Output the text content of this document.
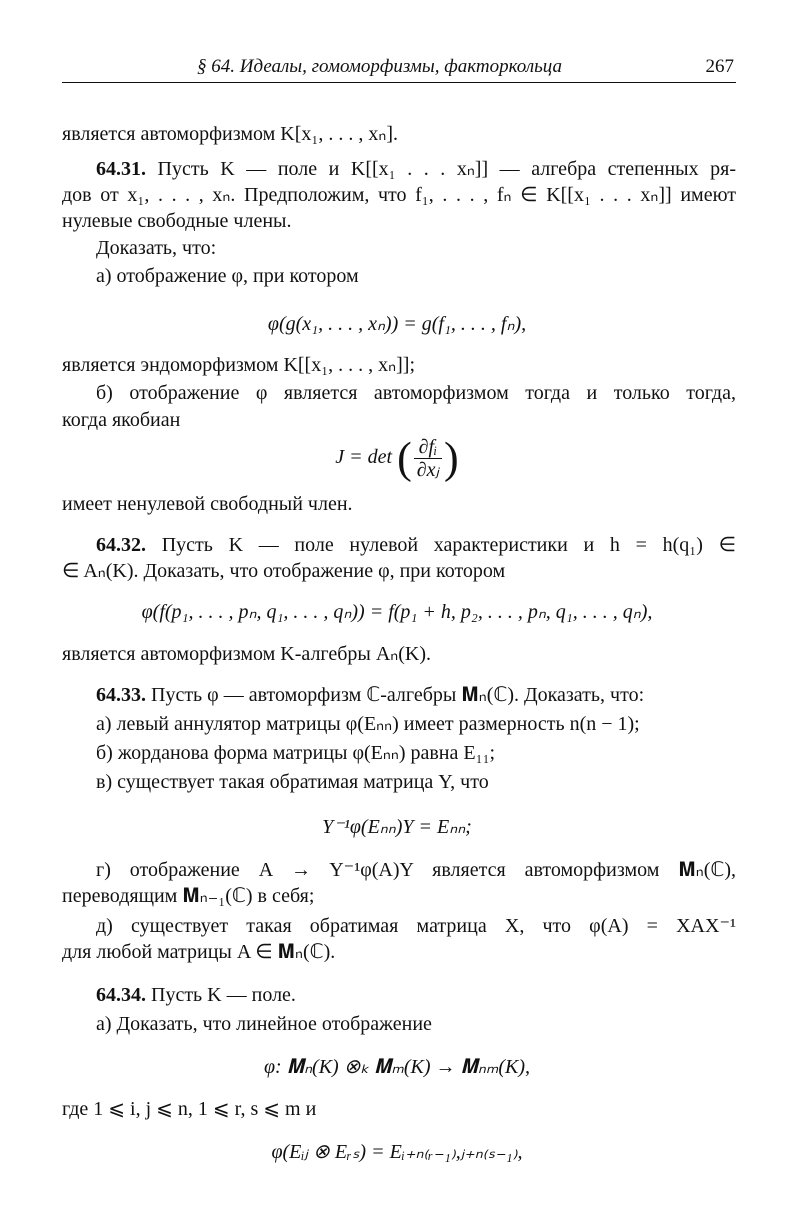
§ 64. Идеалы, гомоморфизмы, факторкольца	267
является автоморфизмом K[x₁, . . . , xₙ].
64.31. Пусть K — поле и K[[x₁ . . . xₙ]] — алгебра степенных ря-
дов от x₁, . . . , xₙ. Предположим, что f₁, . . . , fₙ ∈ K[[x₁ . . . xₙ]] имеют
нулевые свободные члены.
Доказать, что:
а) отображение φ, при котором
φ(g(x₁, . . . , xₙ)) = g(f₁, . . . , fₙ),
является эндоморфизмом K[[x₁, . . . , xₙ]];
б) отображение φ является автоморфизмом тогда и только тогда,
когда якобиан
J = det ( $\frac{\text{∂fᵢ}}{\text{∂xⱼ}}$ )
имеет ненулевой свободный член.
64.32. Пусть K — поле нулевой характеристики и h = h(q₁) ∈
∈ Aₙ(K). Доказать, что отображение φ, при котором
φ(f(p₁, . . . , pₙ, q₁, . . . , qₙ)) = f(p₁ + h, p₂, . . . , pₙ, q₁, . . . , qₙ),
является автоморфизмом K-алгебры Aₙ(K).
64.33. Пусть φ — автоморфизм ℂ-алгебры 𝐌ₙ(ℂ). Доказать, что:
а) левый аннулятор матрицы φ(Eₙₙ) имеет размерность n(n − 1);
б) жорданова форма матрицы φ(Eₙₙ) равна E₁₁;
в) существует такая обратимая матрица Y, что
Y⁻¹φ(Eₙₙ)Y = Eₙₙ;
г) отображение A → Y⁻¹φ(A)Y является автоморфизмом 𝐌ₙ(ℂ),
переводящим 𝐌ₙ₋₁(ℂ) в себя;
д) существует такая обратимая матрица X, что φ(A) = XAX⁻¹
для любой матрицы A ∈ 𝐌ₙ(ℂ).
64.34. Пусть K — поле.
а) Доказать, что линейное отображение
φ: 𝐌ₙ(K) ⊗ₖ 𝐌ₘ(K) → 𝐌ₙₘ(K),
где 1 ⩽ i, j ⩽ n, 1 ⩽ r, s ⩽ m и
φ(Eᵢⱼ ⊗ Eᵣₛ) = Eᵢ₊ₙ₍ᵣ₋₁₎,ⱼ₊ₙ₍ₛ₋₁₎,
